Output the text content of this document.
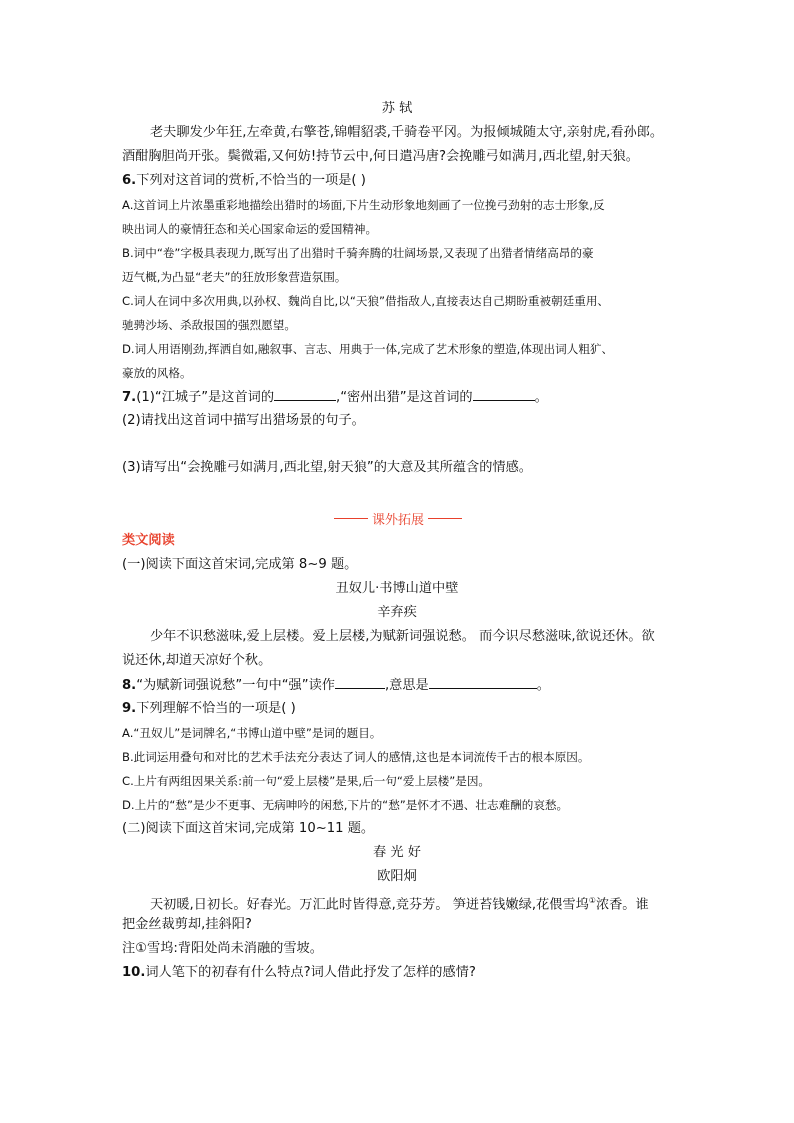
苏 轼
老夫聊发少年狂,左牵黄,右擎苍,锦帽貂裘,千骑卷平冈。为报倾城随太守,亲射虎,看孙郎。
酒酣胸胆尚开张。鬓微霜,又何妨!持节云中,何日遣冯唐?会挽雕弓如满月,西北望,射天狼。
6.下列对这首词的赏析,不恰当的一项是( )
A.这首词上片浓墨重彩地描绘出猎时的场面,下片生动形象地刻画了一位挽弓劲射的志士形象,反
映出词人的豪情狂态和关心国家命运的爱国精神。
B.词中“卷”字极具表现力,既写出了出猎时千骑奔腾的壮阔场景,又表现了出猎者情绪高昂的豪
迈气概,为凸显“老夫”的狂放形象营造氛围。
C.词人在词中多次用典,以孙权、魏尚自比,以“天狼”借指敌人,直接表达自己期盼重被朝廷重用、
驰骋沙场、杀敌报国的强烈愿望。
D.词人用语刚劲,挥洒自如,融叙事、言志、用典于一体,完成了艺术形象的塑造,体现出词人粗犷、
豪放的风格。
7.(1)“江城子”是这首词的	,“密州出猎”是这首词的	。
(2)请找出这首词中描写出猎场景的句子。
(3)请写出“会挽雕弓如满月,西北望,射天狼”的大意及其所蕴含的情感。
课外拓展
类文阅读
(一)阅读下面这首宋词,完成第 8~9 题。
丑奴儿·书博山道中壁
辛弃疾
少年不识愁滋味,爱上层楼。爱上层楼,为赋新词强说愁。 而今识尽愁滋味,欲说还休。欲
说还休,却道天凉好个秋。
8.“为赋新词强说愁”一句中“强”读作	,意思是	。
9.下列理解不恰当的一项是( )
A.“丑奴儿”是词牌名,“书博山道中壁”是词的题目。
B.此词运用叠句和对比的艺术手法充分表达了词人的感情,这也是本词流传千古的根本原因。
C.上片有两组因果关系:前一句“爱上层楼”是果,后一句“爱上层楼”是因。
D.上片的“愁”是少不更事、无病呻吟的闲愁,下片的“愁”是怀才不遇、壮志难酬的哀愁。
(二)阅读下面这首宋词,完成第 10~11 题。
春 光 好
欧阳炯
天初暖,日初长。好春光。万汇此时皆得意,竞芬芳。 笋迸苔钱嫩绿,花偎雪坞①浓香。谁
把金丝裁剪却,挂斜阳?
注①雪坞:背阳处尚未消融的雪坡。
10.词人笔下的初春有什么特点?词人借此抒发了怎样的感情?
